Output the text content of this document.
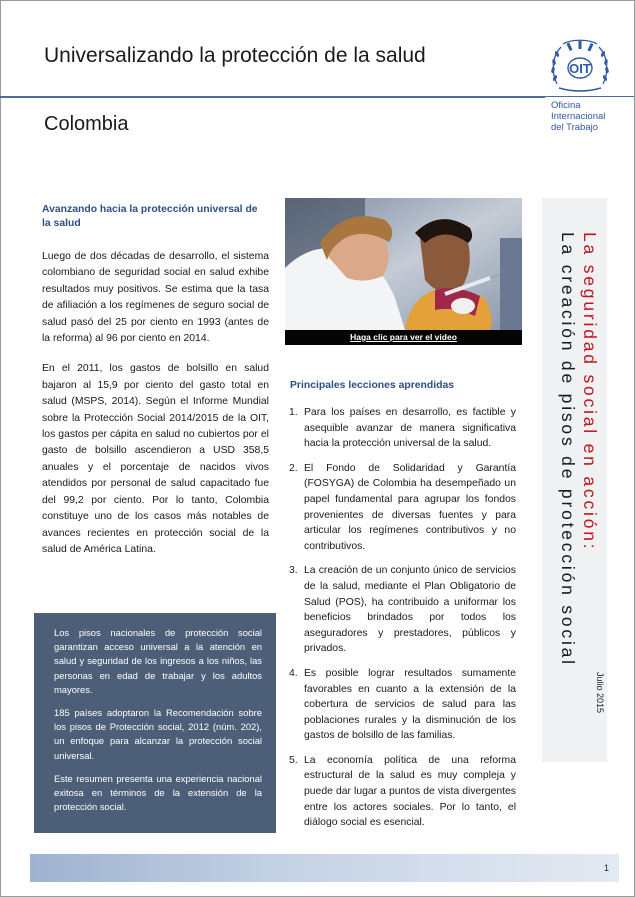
Universalizando la protección de la salud
Colombia
OIT
Oficina
Internacional
del Trabajo
Avanzando hacia la protección universal de la salud

Luego de dos décadas de desarrollo, el sistema colombiano de seguridad social en salud exhibe resultados muy positivos. Se estima que la tasa de afiliación a los regímenes de seguro social de salud pasó del 25 por ciento en 1993 (antes de la reforma) al 96 por ciento en 2014.

En el 2011, los gastos de bolsillo en salud bajaron al 15,9 por ciento del gasto total en salud (MSPS, 2014). Según el Informe Mundial sobre la Protección Social 2014/2015 de la OIT, los gastos per cápita en salud no cubiertos por el gasto de bolsillo ascendieron a USD 358,5 anuales y el porcentaje de nacidos vivos atendidos por personal de salud capacitado fue del 99,2 por ciento. Por lo tanto, Colombia constituye uno de los casos más notables de avances recientes en protección social de la salud de América Latina.

Haga clic para ver el video
Principales lecciones aprendidas
1. Para los países en desarrollo, es factible y asequible avanzar de manera significativa hacia la protección universal de la salud.
2. El Fondo de Solidaridad y Garantía (FOSYGA) de Colombia ha desempeñado un papel fundamental para agrupar los fondos provenientes de diversas fuentes y para articular los regímenes contributivos y no contributivos.
3. La creación de un conjunto único de servicios de la salud, mediante el Plan Obligatorio de Salud (POS), ha contribuido a uniformar los beneficios brindados por todos los aseguradores y prestadores, públicos y privados.
4. Es posible lograr resultados sumamente favorables en cuanto a la extensión de la cobertura de servicios de salud para las poblaciones rurales y la disminución de los gastos de bolsillo de las familias.
5. La economía política de una reforma estructural de la salud es muy compleja y puede dar lugar a puntos de vista divergentes entre los actores sociales. Por lo tanto, el diálogo social es esencial.

Los pisos nacionales de protección social garantizan acceso universal a la atención en salud y seguridad de los ingresos a los niños, las personas en edad de trabajar y los adultos mayores.

185 países adoptaron la Recomendación sobre los pisos de Protección social, 2012 (núm. 202), un enfoque para alcanzar la protección social universal.

Este resumen presenta una experiencia nacional exitosa en términos de la extensión de la protección social.

La seguridad social en acción:
La creación de pisos de protección social
Julio 2015
1
